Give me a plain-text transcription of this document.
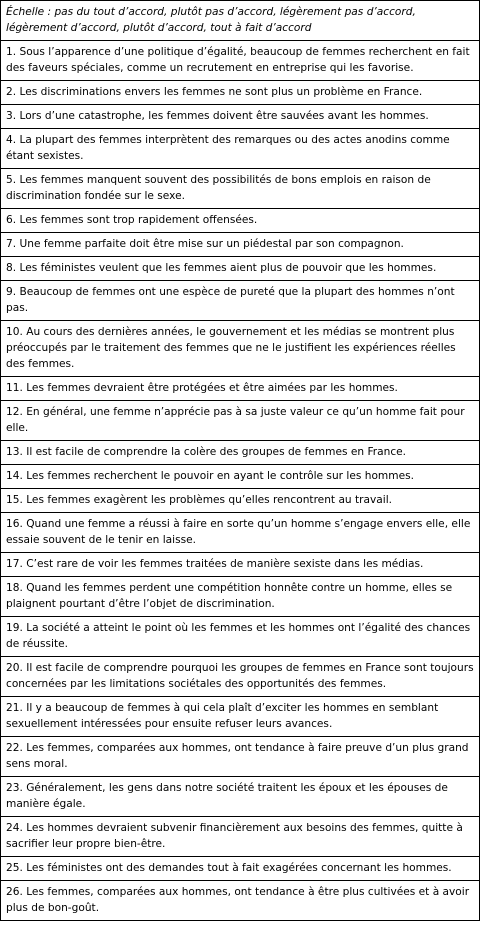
Échelle : pas du tout d’accord, plutôt pas d’accord, légèrement pas d’accord, légèrement d’accord, plutôt d’accord, tout à fait d’accord
1. Sous l’apparence d’une politique d’égalité, beaucoup de femmes recherchent en fait des faveurs spéciales, comme un recrutement en entreprise qui les favorise.
2. Les discriminations envers les femmes ne sont plus un problème en France.
3. Lors d’une catastrophe, les femmes doivent être sauvées avant les hommes.
4. La plupart des femmes interprètent des remarques ou des actes anodins comme étant sexistes.
5. Les femmes manquent souvent des possibilités de bons emplois en raison de discrimination fondée sur le sexe.
6. Les femmes sont trop rapidement offensées.
7. Une femme parfaite doit être mise sur un piédestal par son compagnon.
8. Les féministes veulent que les femmes aient plus de pouvoir que les hommes.
9. Beaucoup de femmes ont une espèce de pureté que la plupart des hommes n’ont pas.
10. Au cours des dernières années, le gouvernement et les médias se montrent plus préoccupés par le traitement des femmes que ne le justifient les expériences réelles des femmes.
11. Les femmes devraient être protégées et être aimées par les hommes.
12. En général, une femme n’apprécie pas à sa juste valeur ce qu’un homme fait pour elle.
13. Il est facile de comprendre la colère des groupes de femmes en France.
14. Les femmes recherchent le pouvoir en ayant le contrôle sur les hommes.
15. Les femmes exagèrent les problèmes qu’elles rencontrent au travail.
16. Quand une femme a réussi à faire en sorte qu’un homme s’engage envers elle, elle essaie souvent de le tenir en laisse.
17. C’est rare de voir les femmes traitées de manière sexiste dans les médias.
18. Quand les femmes perdent une compétition honnête contre un homme, elles se plaignent pourtant d’être l’objet de discrimination.
19. La société a atteint le point où les femmes et les hommes ont l’égalité des chances de réussite.
20. Il est facile de comprendre pourquoi les groupes de femmes en France sont toujours concernées par les limitations sociétales des opportunités des femmes.
21. Il y a beaucoup de femmes à qui cela plaît d’exciter les hommes en semblant sexuellement intéressées pour ensuite refuser leurs avances.
22. Les femmes, comparées aux hommes, ont tendance à faire preuve d’un plus grand sens moral.
23. Généralement, les gens dans notre société traitent les époux et les épouses de manière égale.
24. Les hommes devraient subvenir financièrement aux besoins des femmes, quitte à sacrifier leur propre bien-être.
25. Les féministes ont des demandes tout à fait exagérées concernant les hommes.
26. Les femmes, comparées aux hommes, ont tendance à être plus cultivées et à avoir plus de bon-goût.
